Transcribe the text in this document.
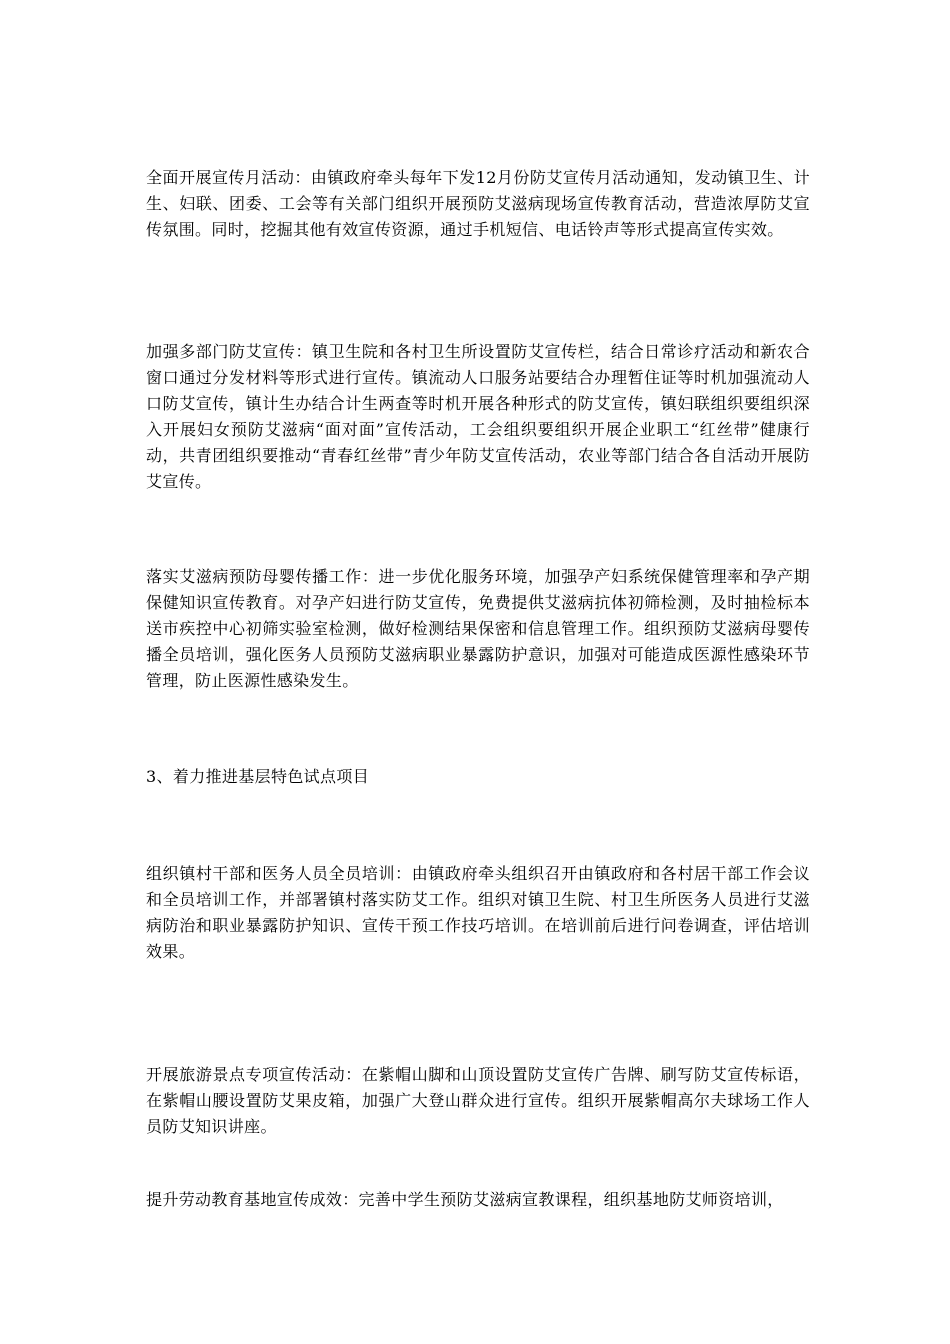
全面开展宣传月活动：由镇政府牵头每年下发12月份防艾宣传月活动通知，发动镇卫生、计生、妇联、团委、工会等有关部门组织开展预防艾滋病现场宣传教育活动，营造浓厚防艾宣传氛围。同时，挖掘其他有效宣传资源，通过手机短信、电话铃声等形式提高宣传实效。

加强多部门防艾宣传：镇卫生院和各村卫生所设置防艾宣传栏，结合日常诊疗活动和新农合窗口通过分发材料等形式进行宣传。镇流动人口服务站要结合办理暂住证等时机加强流动人口防艾宣传，镇计生办结合计生两查等时机开展各种形式的防艾宣传，镇妇联组织要组织深入开展妇女预防艾滋病“面对面”宣传活动，工会组织要组织开展企业职工“红丝带”健康行动，共青团组织要推动“青春红丝带”青少年防艾宣传活动，农业等部门结合各自活动开展防艾宣传。

落实艾滋病预防母婴传播工作：进一步优化服务环境，加强孕产妇系统保健管理率和孕产期保健知识宣传教育。对孕产妇进行防艾宣传，免费提供艾滋病抗体初筛检测，及时抽检标本送市疾控中心初筛实验室检测，做好检测结果保密和信息管理工作。组织预防艾滋病母婴传播全员培训，强化医务人员预防艾滋病职业暴露防护意识，加强对可能造成医源性感染环节管理，防止医源性感染发生。

3、着力推进基层特色试点项目

组织镇村干部和医务人员全员培训：由镇政府牵头组织召开由镇政府和各村居干部工作会议和全员培训工作，并部署镇村落实防艾工作。组织对镇卫生院、村卫生所医务人员进行艾滋病防治和职业暴露防护知识、宣传干预工作技巧培训。在培训前后进行问卷调查，评估培训效果。

开展旅游景点专项宣传活动：在紫帽山脚和山顶设置防艾宣传广告牌、刷写防艾宣传标语，在紫帽山腰设置防艾果皮箱，加强广大登山群众进行宣传。组织开展紫帽高尔夫球场工作人员防艾知识讲座。

提升劳动教育基地宣传成效：完善中学生预防艾滋病宣教课程，组织基地防艾师资培训，
